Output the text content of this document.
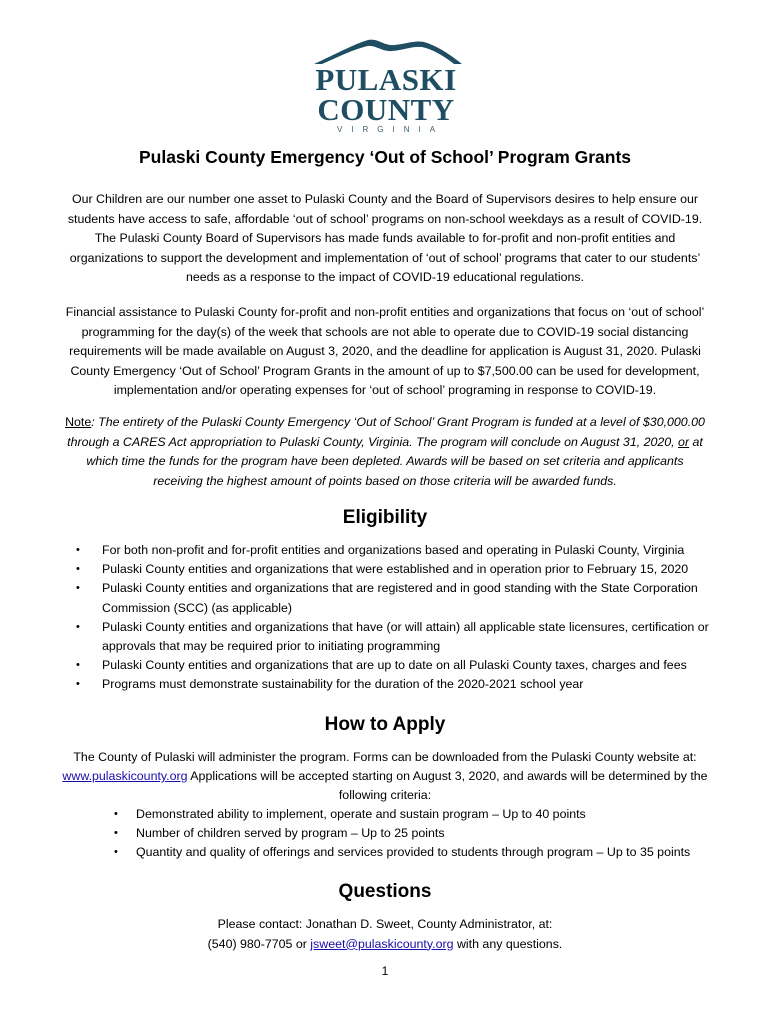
PULASKI
COUNTY
VIRGINIA
Pulaski County Emergency ‘Out of School’ Program Grants
Our Children are our number one asset to Pulaski County and the Board of Supervisors desires to help ensure our students have access to safe, affordable ‘out of school’ programs on non-school weekdays as a result of COVID-19. The Pulaski County Board of Supervisors has made funds available to for-profit and non-profit entities and organizations to support the development and implementation of ‘out of school’ programs that cater to our students’ needs as a response to the impact of COVID-19 educational regulations.
Financial assistance to Pulaski County for-profit and non-profit entities and organizations that focus on ‘out of school’ programming for the day(s) of the week that schools are not able to operate due to COVID-19 social distancing requirements will be made available on August 3, 2020, and the deadline for application is August 31, 2020. Pulaski County Emergency ‘Out of School’ Program Grants in the amount of up to $7,500.00 can be used for development, implementation and/or operating expenses for ‘out of school’ programing in response to COVID-19.
Note: The entirety of the Pulaski County Emergency ‘Out of School’ Grant Program is funded at a level of $30,000.00 through a CARES Act appropriation to Pulaski County, Virginia. The program will conclude on August 31, 2020, or at which time the funds for the program have been depleted. Awards will be based on set criteria and applicants receiving the highest amount of points based on those criteria will be awarded funds.
Eligibility
• For both non-profit and for-profit entities and organizations based and operating in Pulaski County, Virginia
• Pulaski County entities and organizations that were established and in operation prior to February 15, 2020
• Pulaski County entities and organizations that are registered and in good standing with the State Corporation Commission (SCC) (as applicable)
• Pulaski County entities and organizations that have (or will attain) all applicable state licensures, certification or approvals that may be required prior to initiating programming
• Pulaski County entities and organizations that are up to date on all Pulaski County taxes, charges and fees
• Programs must demonstrate sustainability for the duration of the 2020-2021 school year
How to Apply
The County of Pulaski will administer the program. Forms can be downloaded from the Pulaski County website at: www.pulaskicounty.org Applications will be accepted starting on August 3, 2020, and awards will be determined by the following criteria:
• Demonstrated ability to implement, operate and sustain program – Up to 40 points
• Number of children served by program – Up to 25 points
• Quantity and quality of offerings and services provided to students through program – Up to 35 points
Questions
Please contact: Jonathan D. Sweet, County Administrator, at:
(540) 980-7705 or jsweet@pulaskicounty.org with any questions.
1
